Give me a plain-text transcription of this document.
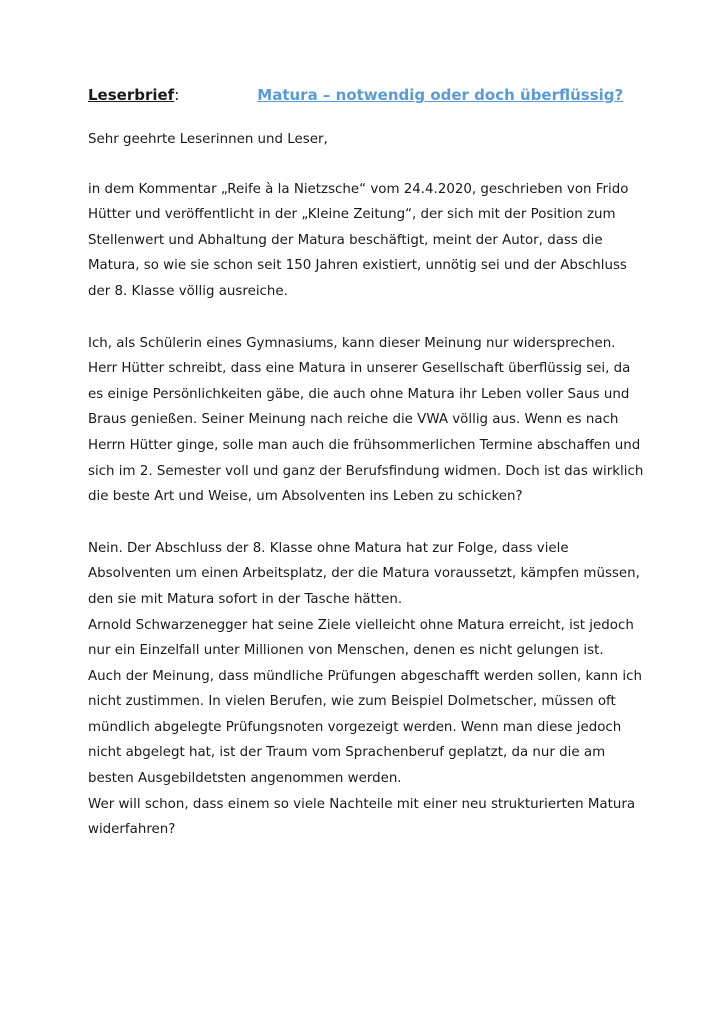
Leserbrief:	Matura – notwendig oder doch überflüssig?

Sehr geehrte Leserinnen und Leser,

in dem Kommentar „Reife à la Nietzsche“ vom 24.4.2020, geschrieben von Frido Hütter und veröffentlicht in der „Kleine Zeitung“, der sich mit der Position zum Stellenwert und Abhaltung der Matura beschäftigt, meint der Autor, dass die Matura, so wie sie schon seit 150 Jahren existiert, unnötig sei und der Abschluss der 8. Klasse völlig ausreiche.

Ich, als Schülerin eines Gymnasiums, kann dieser Meinung nur widersprechen. Herr Hütter schreibt, dass eine Matura in unserer Gesellschaft überflüssig sei, da es einige Persönlichkeiten gäbe, die auch ohne Matura ihr Leben voller Saus und Braus genießen. Seiner Meinung nach reiche die VWA völlig aus. Wenn es nach Herrn Hütter ginge, solle man auch die frühsommerlichen Termine abschaffen und sich im 2. Semester voll und ganz der Berufsfindung widmen. Doch ist das wirklich die beste Art und Weise, um Absolventen ins Leben zu schicken?

Nein. Der Abschluss der 8. Klasse ohne Matura hat zur Folge, dass viele Absolventen um einen Arbeitsplatz, der die Matura voraussetzt, kämpfen müssen, den sie mit Matura sofort in der Tasche hätten.

Arnold Schwarzenegger hat seine Ziele vielleicht ohne Matura erreicht, ist jedoch nur ein Einzelfall unter Millionen von Menschen, denen es nicht gelungen ist.

Auch der Meinung, dass mündliche Prüfungen abgeschafft werden sollen, kann ich nicht zustimmen. In vielen Berufen, wie zum Beispiel Dolmetscher, müssen oft mündlich abgelegte Prüfungsnoten vorgezeigt werden. Wenn man diese jedoch nicht abgelegt hat, ist der Traum vom Sprachenberuf geplatzt, da nur die am besten Ausgebildetsten angenommen werden.

Wer will schon, dass einem so viele Nachteile mit einer neu strukturierten Matura widerfahren?
